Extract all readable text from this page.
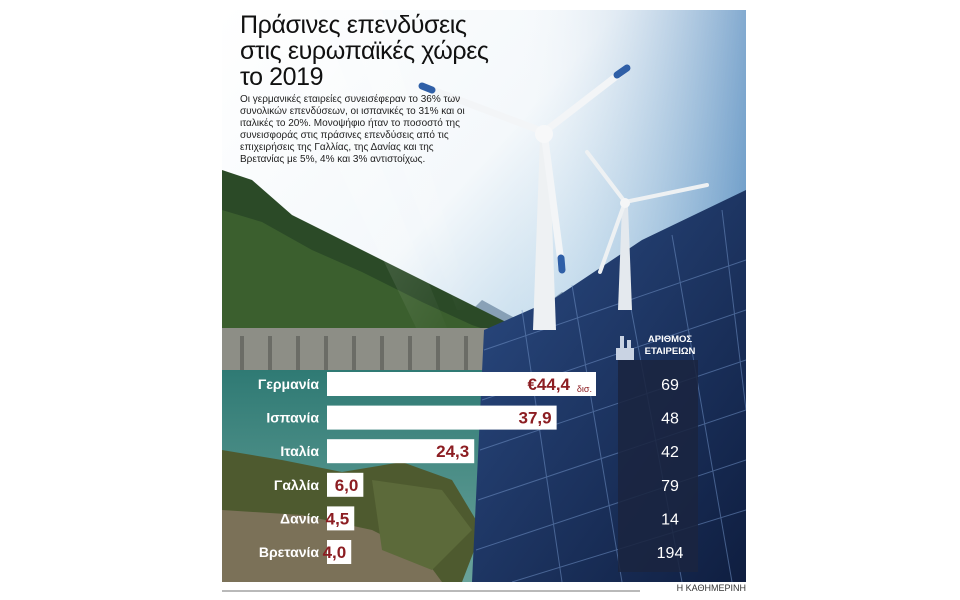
Πράσινες επενδύσεις
στις ευρωπαϊκές χώρες
το 2019

Οι γερμανικές εταιρείες συνεισέφεραν το 36% των συνολικών επενδύσεων, οι ισπανικές το 31% και οι ιταλικές το 20%. Μονοψήφιο ήταν το ποσοστό της συνεισφοράς στις πράσινες επενδύσεις από τις επιχειρήσεις της Γαλλίας, της Δανίας και της Βρετανίας με 5%, 4% και 3% αντιστοίχως.

ΑΡΙΘΜΟΣ
ΕΤΑΙΡΕΙΩΝ
Γερμανία	€44,4 δισ.	69
Ισπανία	37,9	48
Ιταλία	24,3	42
Γαλλία 6,0	79
Δανία 4,5	14
Βρετανία 4,0	194
Η ΚΑΘΗΜΕΡΙΝΗ
